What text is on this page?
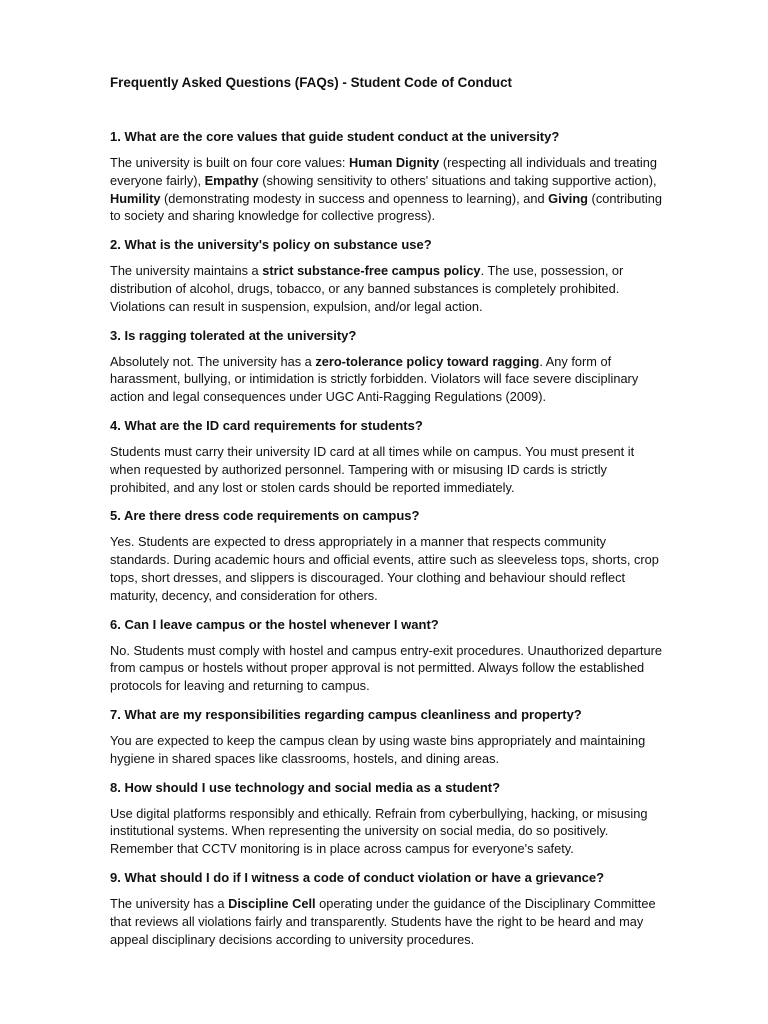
Frequently Asked Questions (FAQs) - Student Code of Conduct
1. What are the core values that guide student conduct at the university?
The university is built on four core values: Human Dignity (respecting all individuals and treating everyone fairly), Empathy (showing sensitivity to others' situations and taking supportive action), Humility (demonstrating modesty in success and openness to learning), and Giving (contributing to society and sharing knowledge for collective progress).
2. What is the university's policy on substance use?
The university maintains a strict substance-free campus policy. The use, possession, or distribution of alcohol, drugs, tobacco, or any banned substances is completely prohibited. Violations can result in suspension, expulsion, and/or legal action.
3. Is ragging tolerated at the university?
Absolutely not. The university has a zero-tolerance policy toward ragging. Any form of harassment, bullying, or intimidation is strictly forbidden. Violators will face severe disciplinary action and legal consequences under UGC Anti-Ragging Regulations (2009).
4. What are the ID card requirements for students?
Students must carry their university ID card at all times while on campus. You must present it when requested by authorized personnel. Tampering with or misusing ID cards is strictly prohibited, and any lost or stolen cards should be reported immediately.
5. Are there dress code requirements on campus?
Yes. Students are expected to dress appropriately in a manner that respects community standards. During academic hours and official events, attire such as sleeveless tops, shorts, crop tops, short dresses, and slippers is discouraged. Your clothing and behaviour should reflect maturity, decency, and consideration for others.
6. Can I leave campus or the hostel whenever I want?
No. Students must comply with hostel and campus entry-exit procedures. Unauthorized departure from campus or hostels without proper approval is not permitted. Always follow the established protocols for leaving and returning to campus.
7. What are my responsibilities regarding campus cleanliness and property?
You are expected to keep the campus clean by using waste bins appropriately and maintaining hygiene in shared spaces like classrooms, hostels, and dining areas.
8. How should I use technology and social media as a student?
Use digital platforms responsibly and ethically. Refrain from cyberbullying, hacking, or misusing institutional systems. When representing the university on social media, do so positively. Remember that CCTV monitoring is in place across campus for everyone's safety.
9. What should I do if I witness a code of conduct violation or have a grievance?
The university has a Discipline Cell operating under the guidance of the Disciplinary Committee that reviews all violations fairly and transparently. Students have the right to be heard and may appeal disciplinary decisions according to university procedures.
